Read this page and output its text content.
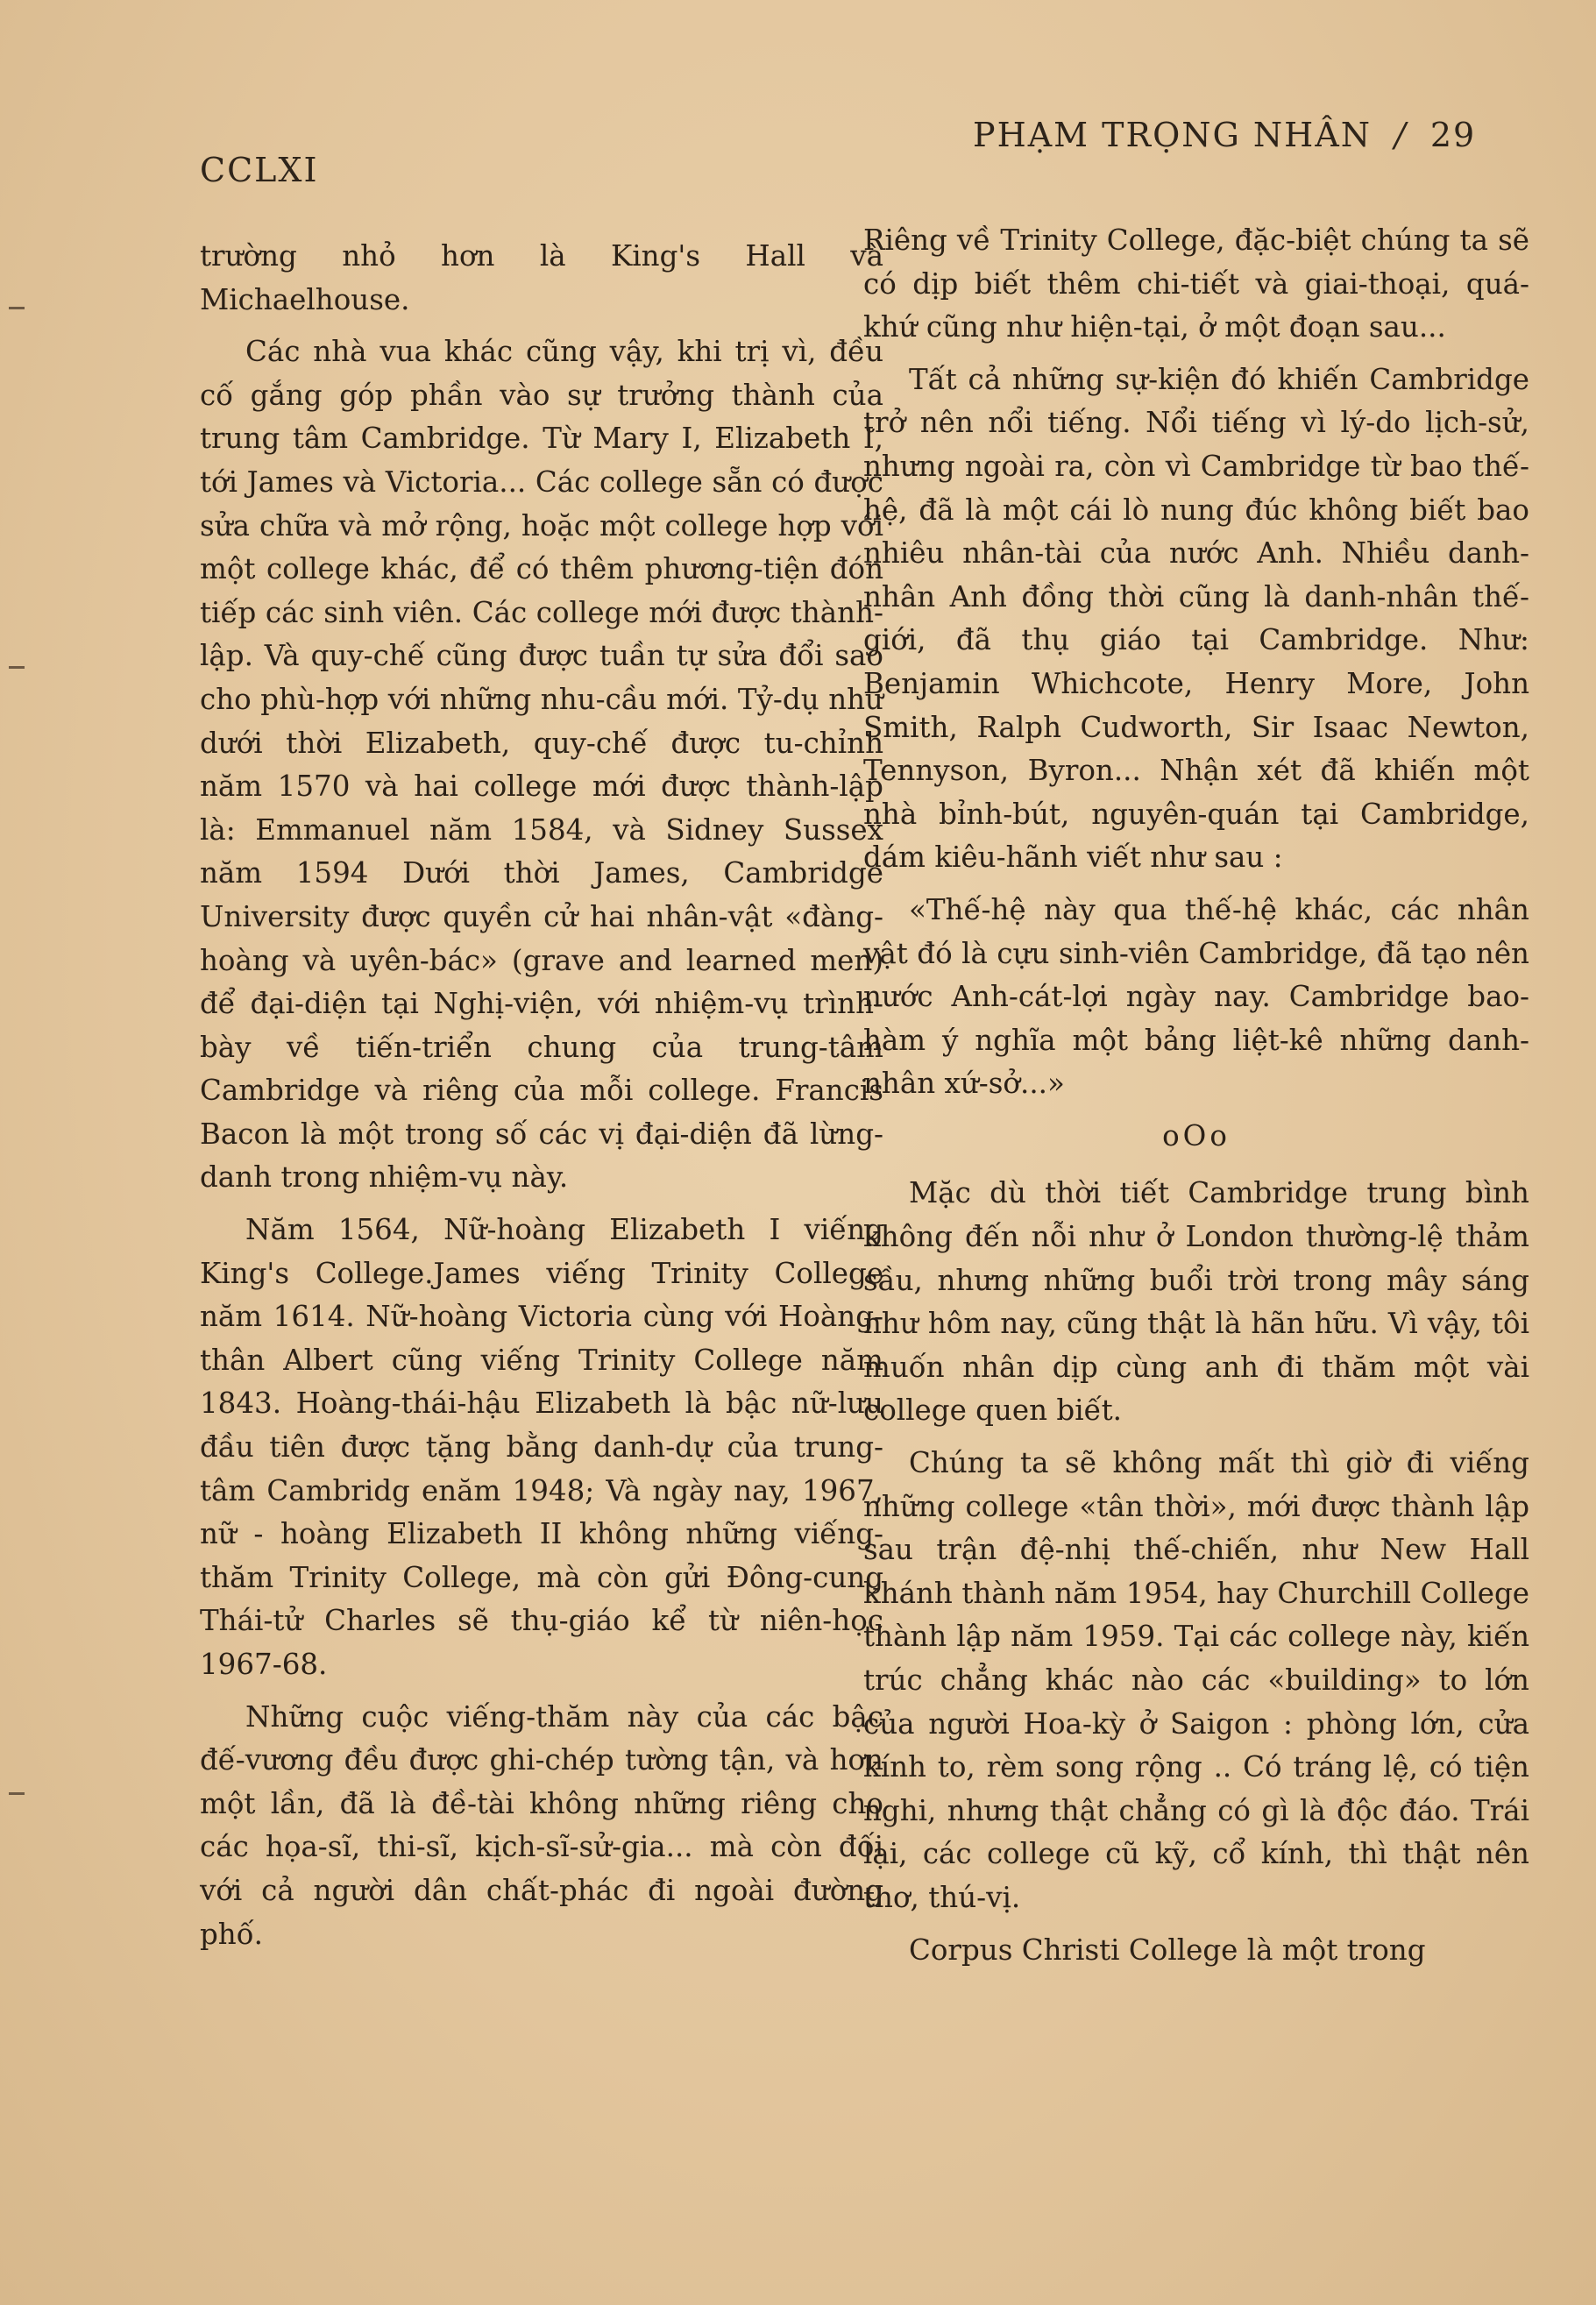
CCLXI
PHẠM TRỌNG NHÂN / 29

trường nhỏ hơn là King's Hall và Michaelhouse.

Các nhà vua khác cũng vậy, khi trị vì, đều cố gắng góp phần vào sự trưởng thành của trung tâm Cambridge. Từ Mary I, Elizabeth I, tới James và Victoria... Các college sẵn có được sửa chữa và mở rộng, hoặc một college hợp với một college khác, để có thêm phương-tiện đón tiếp các sinh viên. Các college mới được thành-lập. Và quy-chế cũng được tuần tự sửa đổi sao cho phù-hợp với những nhu-cầu mới. Tỷ-dụ như dưới thời Elizabeth, quy-chế được tu-chỉnh năm 1570 và hai college mới được thành-lập là: Emmanuel năm 1584, và Sidney Sussex năm 1594 Dưới thời James, Cambridge University được quyền cử hai nhân-vật «đàng-hoàng và uyên-bác» (grave and learned men) để đại-diện tại Nghị-viện, với nhiệm-vụ trình-bày về tiến-triển chung của trung-tâm Cambridge và riêng của mỗi college. Francis Bacon là một trong số các vị đại-diện đã lừng-danh trong nhiệm-vụ này.

Năm 1564, Nữ-hoàng Elizabeth I viếng King's College.James viếng Trinity College năm 1614. Nữ-hoàng Victoria cùng với Hoàng-thân Albert cũng viếng Trinity College năm 1843. Hoàng-thái-hậu Elizabeth là bậc nữ-lưu đầu tiên được tặng bằng danh-dự của trung-tâm Cambridg enăm 1948; Và ngày nay, 1967, nữ - hoàng Elizabeth II không những viếng-thăm Trinity College, mà còn gửi Đông-cung Thái-tử Charles sẽ thụ-giáo kể từ niên-học 1967-68.

Những cuộc viếng-thăm này của các bậc đế-vương đều được ghi-chép tường tận, và hơn một lần, đã là đề-tài không những riêng cho các họa-sĩ, thi-sĩ, kịch-sĩ-sử-gia... mà còn đối với cả người dân chất-phác đi ngoài đường phố.

Riêng về Trinity College, đặc-biệt chúng ta sẽ có dịp biết thêm chi-tiết và giai-thoại, quá-khứ cũng như hiện-tại, ở một đoạn sau...

Tất cả những sự-kiện đó khiến Cambridge trở nên nổi tiếng. Nổi tiếng vì lý-do lịch-sử, nhưng ngoài ra, còn vì Cambridge từ bao thế-hệ, đã là một cái lò nung đúc không biết bao nhiêu nhân-tài của nước Anh. Nhiều danh-nhân Anh đồng thời cũng là danh-nhân thế-giới, đã thụ giáo tại Cambridge. Như: Benjamin Whichcote, Henry More, John Smith, Ralph Cudworth, Sir Isaac Newton, Tennyson, Byron... Nhận xét đã khiến một nhà bỉnh-bút, nguyên-quán tại Cambridge, dám kiêu-hãnh viết như sau :

«Thế-hệ này qua thế-hệ khác, các nhân vật đó là cựu sinh-viên Cambridge, đã tạo nên nước Anh-cát-lợi ngày nay. Cambridge bao-hàm ý nghĩa một bảng liệt-kê những danh-nhân xứ-sở...»

oOo

Mặc dù thời tiết Cambridge trung bình không đến nỗi như ở London thường-lệ thảm sầu, nhưng những buổi trời trong mây sáng như hôm nay, cũng thật là hãn hữu. Vì vậy, tôi muốn nhân dịp cùng anh đi thăm một vài college quen biết.

Chúng ta sẽ không mất thì giờ đi viếng những college «tân thời», mới được thành lập sau trận đệ-nhị thế-chiến, như New Hall khánh thành năm 1954, hay Churchill College thành lập năm 1959. Tại các college này, kiến trúc chẳng khác nào các «building» to lớn của người Hoa-kỳ ở Saigon : phòng lớn, cửa kính to, rèm song rộng .. Có tráng lệ, có tiện nghi, nhưng thật chẳng có gì là độc đáo. Trái lại, các college cũ kỹ, cổ kính, thì thật nên thơ, thú-vị.

Corpus Christi College là một trong
